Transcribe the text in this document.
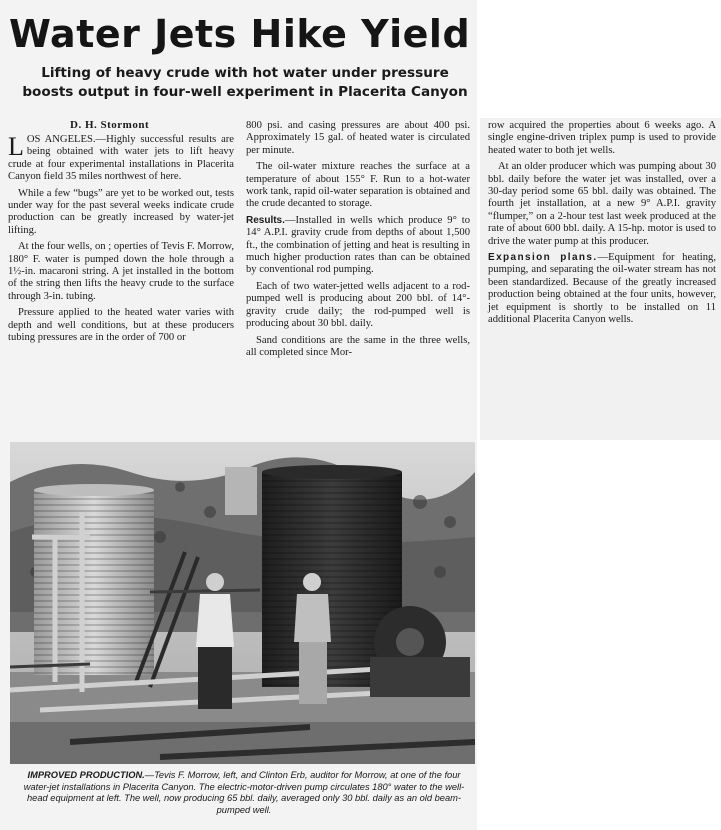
Water Jets Hike Yield
Lifting of heavy crude with hot water under pressure
boosts output in four-well experiment in Placerita Canyon
D. H. Stormont

LOS ANGELES.—Highly successful results are being obtained with water jets to lift heavy crude at four experimental installations in Placerita Canyon field 35 miles northwest of here.

While a few “bugs” are yet to be worked out, tests under way for the past several weeks indicate crude production can be greatly increased by water-jet lifting.

At the four wells, on ; operties of Tevis F. Morrow, 180° F. water is pumped down the hole through a 1½-in. macaroni string. A jet installed in the bottom of the string then lifts the heavy crude to the surface through 3-in. tubing.

Pressure applied to the heated water varies with depth and well conditions, but at these producers tubing pressures are in the order of 700 or

800 psi. and casing pressures are about 400 psi. Approximately 15 gal. of heated water is circulated per minute.

The oil-water mixture reaches the surface at a temperature of about 155° F. Run to a hot-water work tank, rapid oil-water separation is obtained and the crude decanted to storage.

Results.—Installed in wells which produce 9° to 14° A.P.I. gravity crude from depths of about 1,500 ft., the combination of jetting and heat is resulting in much higher production rates than can be obtained by conventional rod pumping.

Each of two water-jetted wells adjacent to a rod-pumped well is producing about 200 bbl. of 14°-gravity crude daily; the rod-pumped well is producing about 30 bbl. daily.

Sand conditions are the same in the three wells, all completed since Mor-

row acquired the properties about 6 weeks ago. A single engine-driven triplex pump is used to provide heated water to both jet wells.

At an older producer which was pumping about 30 bbl. daily before the water jet was installed, over a 30-day period some 65 bbl. daily was obtained. The fourth jet installation, at a new 9° A.P.I. gravity “flumper,” on a 2-hour test last week produced at the rate of about 600 bbl. daily. A 15-hp. motor is used to drive the water pump at this producer.

Expansion plans.—Equipment for heating, pumping, and separating the oil-water stream has not been standardized. Because of the greatly increased production being obtained at the four units, however, jet equipment is shortly to be installed on 11 additional Placerita Canyon wells.

IMPROVED PRODUCTION.—Tevis F. Morrow, left, and Clinton Erb, auditor for Morrow, at one of the four water-jet installations in Placerita Canyon. The electric-motor-driven pump circulates 180° water to the well-head equipment at left. The well, now producing 65 bbl. daily, averaged only 30 bbl. daily as an old beam-pumped well.
